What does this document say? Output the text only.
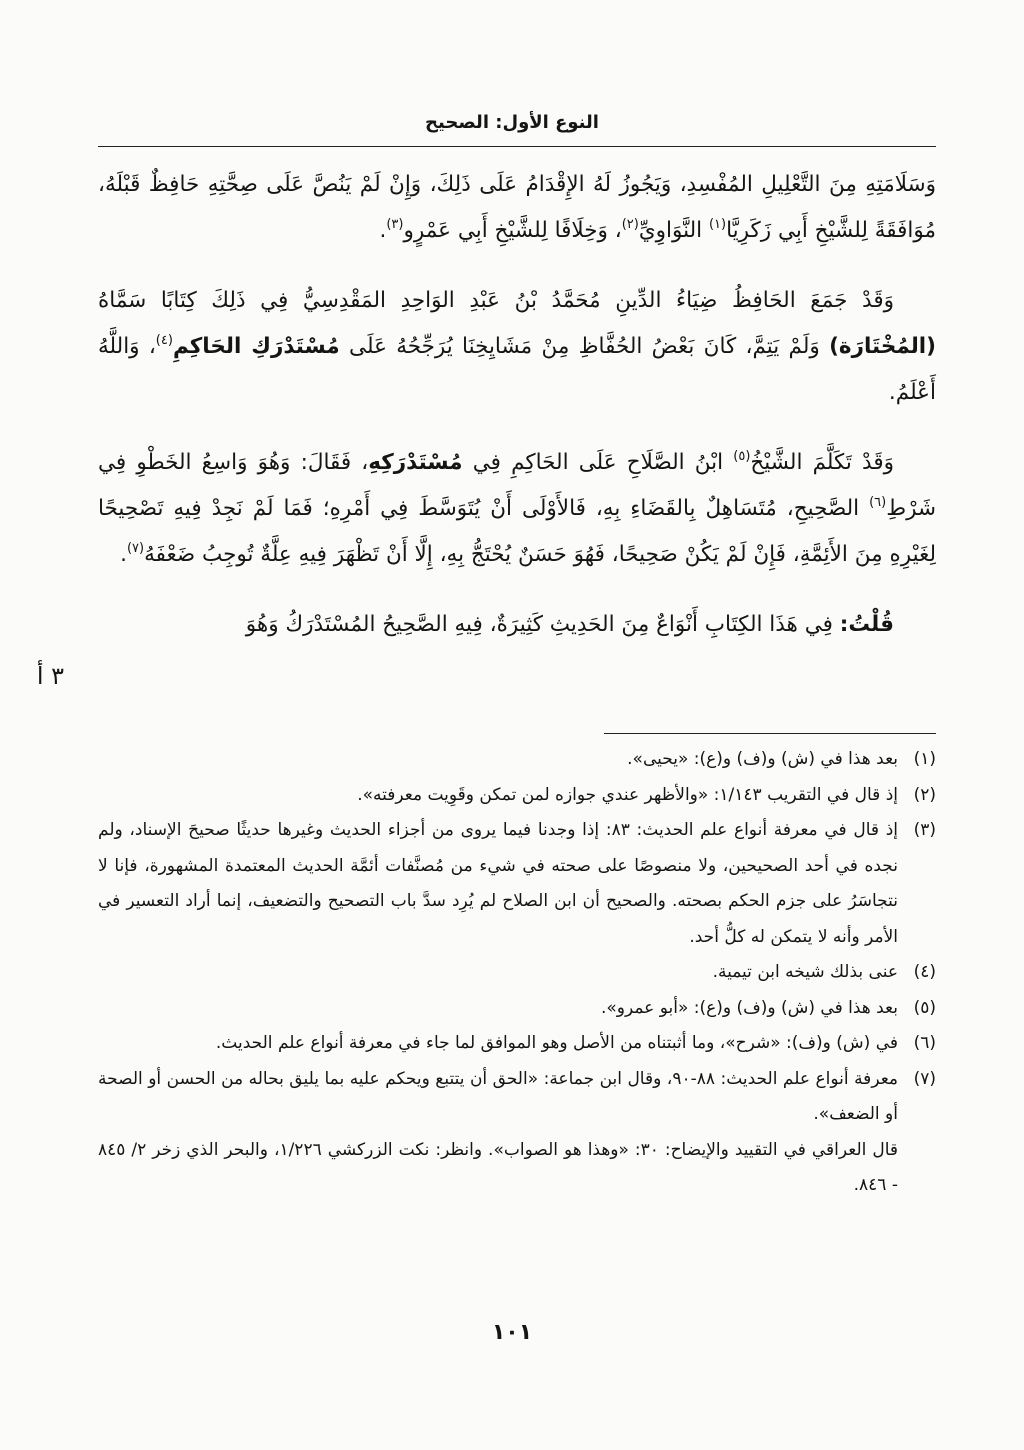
النوع الأول: الصحيح
٣ أ

وَسَلَامَتِهِ مِنَ التَّعْلِيلِ المُفْسِدِ، وَيَجُوزُ لَهُ الإِقْدَامُ عَلَى ذَلِكَ، وَإِنْ لَمْ يَنُصَّ عَلَى صِحَّتِهِ حَافِظٌ قَبْلَهُ، مُوَافَقَةً لِلشَّيْخِ أَبِي زَكَرِيَّا$^{(١)}$ النَّوَاوِيِّ$^{(٢)}$، وَخِلَافًا لِلشَّيْخِ أَبِي عَمْرٍو$^{(٣)}$.

وَقَدْ جَمَعَ الحَافِظُ ضِيَاءُ الدِّينِ مُحَمَّدُ بْنُ عَبْدِ الوَاحِدِ المَقْدِسِيُّ فِي ذَلِكَ كِتَابًا سَمَّاهُ (المُخْتَارَة) وَلَمْ يَتِمَّ، كَانَ بَعْضُ الحُفَّاظِ مِنْ مَشَايِخِنَا يُرَجِّحُهُ عَلَى مُسْتَدْرَكِ الحَاكِمِ$^{(٤)}$، وَاللَّهُ أَعْلَمُ.

وَقَدْ تَكَلَّمَ الشَّيْخُ$^{(٥)}$ ابْنُ الصَّلَاحِ عَلَى الحَاكِمِ فِي مُسْتَدْرَكِهِ، فَقَالَ: وَهُوَ وَاسِعُ الخَطْوِ فِي شَرْطِ$^{(٦)}$ الصَّحِيحِ، مُتَسَاهِلٌ بِالقَضَاءِ بِهِ، فَالأَوْلَى أَنْ يُتَوَسَّطَ فِي أَمْرِهِ؛ فَمَا لَمْ نَجِدْ فِيهِ تَصْحِيحًا لِغَيْرِهِ مِنَ الأَئِمَّةِ، فَإِنْ لَمْ يَكُنْ صَحِيحًا، فَهُوَ حَسَنٌ يُحْتَجُّ بِهِ، إِلَّا أَنْ تَظْهَرَ فِيهِ عِلَّةٌ تُوجِبُ ضَعْفَهُ$^{(٧)}$.

قُلْتُ: فِي هَذَا الكِتَابِ أَنْوَاعٌ مِنَ الحَدِيثِ كَثِيرَةٌ، فِيهِ الصَّحِيحُ المُسْتَدْرَكُ وَهُوَ

(١)
بعد هذا في (ش) و(ف) و(ع): «يحيى».
(٢)
إذ قال في التقريب ١/١٤٣: «والأظهر عندي جوازه لمن تمكن وقَوِيت معرفته».
(٣)
إذ قال في معرفة أنواع علم الحديث: ٨٣: إذا وجدنا فيما يروى من أجزاء الحديث وغيرها حديثًا صحيحَ الإسناد، ولم نجده في أحد الصحيحين، ولا منصوصًا على صحته في شيء من مُصنَّفات أئمَّة الحديث المعتمدة المشهورة، فإنا لا نتجاسَرُ على جزم الحكم بصحته. والصحيح أن ابن الصلاح لم يُرِد سدَّ باب التصحيح والتضعيف، إنما أراد التعسير في الأمر وأنه لا يتمكن له كلُّ أحد.
(٤)
عنى بذلك شيخه ابن تيمية.
(٥)
بعد هذا في (ش) و(ف) و(ع): «أبو عمرو».
(٦)
في (ش) و(ف): «شرح»، وما أثبتناه من الأصل وهو الموافق لما جاء في معرفة أنواع علم الحديث.
(٧)
معرفة أنواع علم الحديث: ٨٨-٩٠، وقال ابن جماعة: «الحق أن يتتبع ويحكم عليه بما يليق بحاله من الحسن أو الصحة أو الضعف».
قال العراقي في التقييد والإيضاح: ٣٠: «وهذا هو الصواب». وانظر: نكت الزركشي ١/٢٢٦، والبحر الذي زخر ٢/ ٨٤٥ - ٨٤٦.
١٠١
